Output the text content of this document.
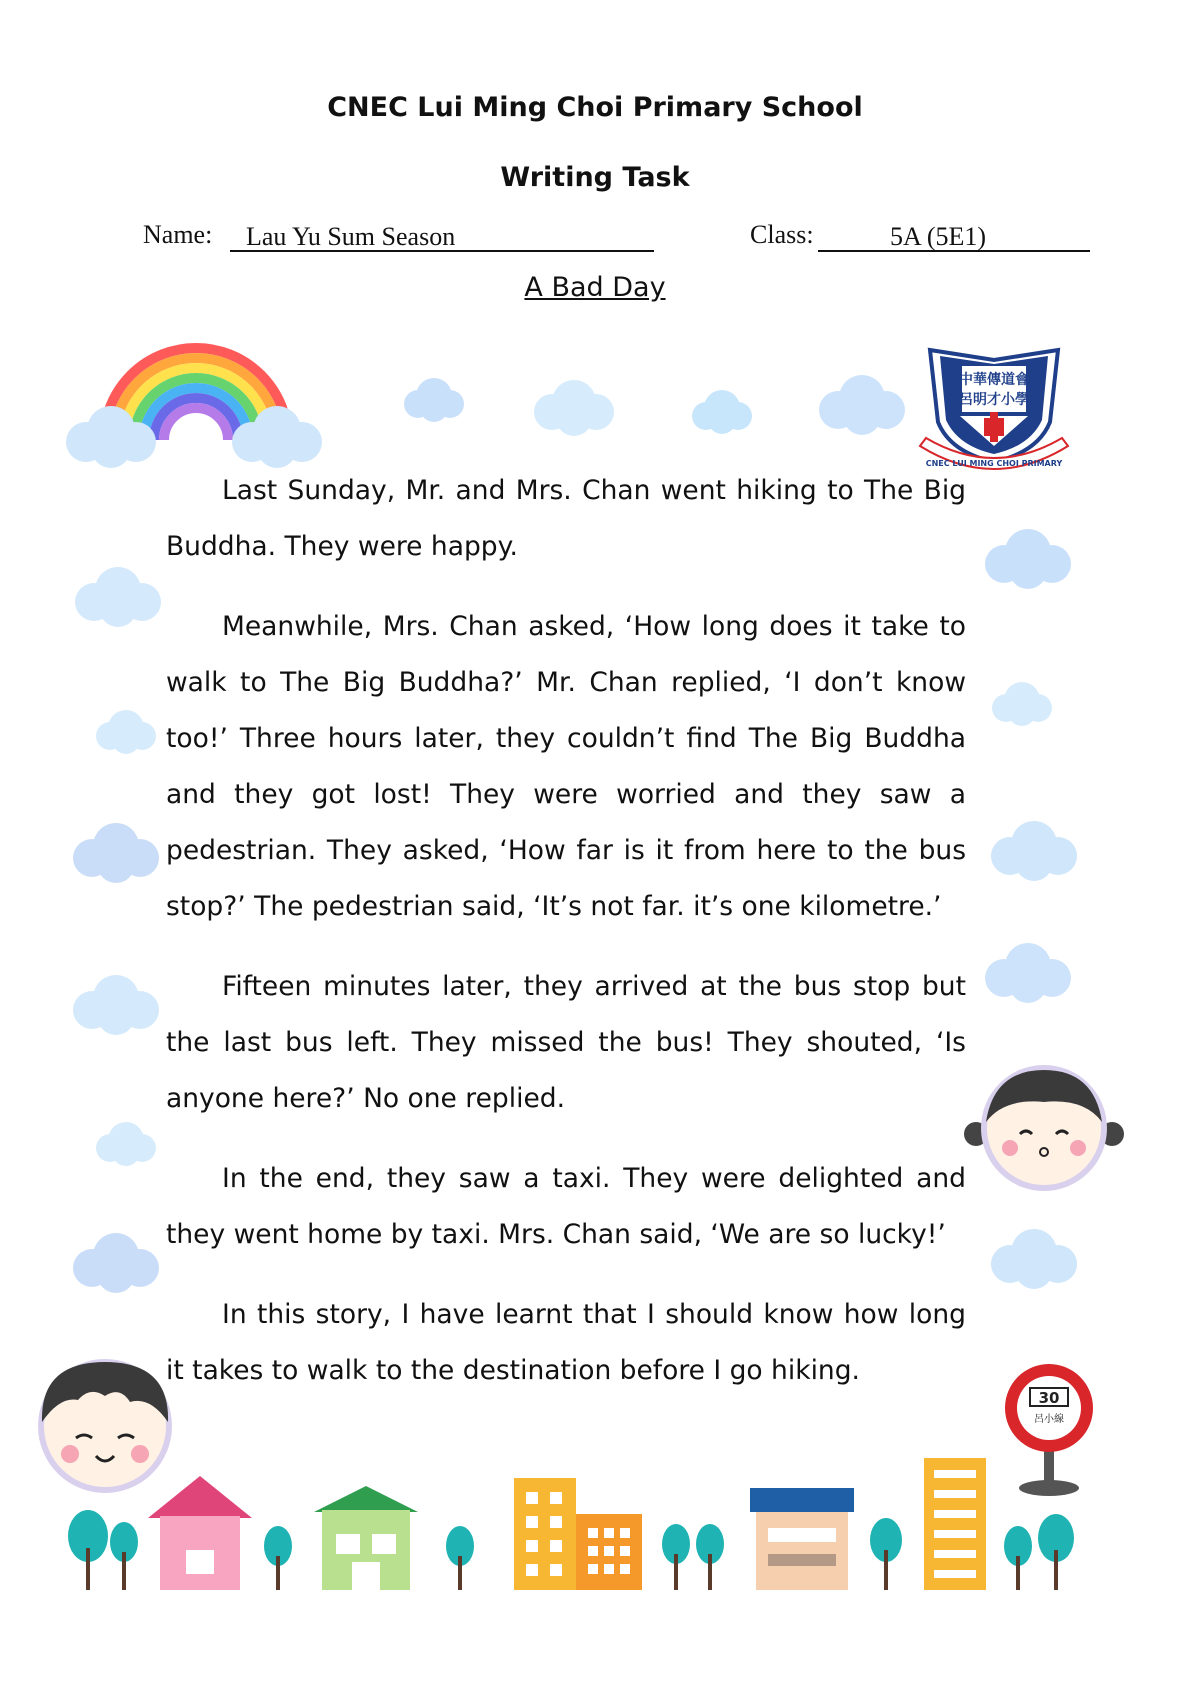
CNEC Lui Ming Choi Primary School
Writing Task
Name: Lau Yu Sum Season	Class:	5A (5E1)
A Bad Day
中華傳道會
呂明才小學
CNEC LUI MING CHOI PRIMARY

Last Sunday, Mr. and Mrs. Chan went hiking to The Big Buddha. They were happy.

Meanwhile, Mrs. Chan asked, ‘How long does it take to walk to The Big Buddha?’ Mr. Chan replied, ‘I don’t know too!’ Three hours later, they couldn’t find The Big Buddha and they got lost! They were worried and they saw a pedestrian. They asked, ‘How far is it from here to the bus stop?’ The pedestrian said, ‘It’s not far. it’s one kilometre.’

Fifteen minutes later, they arrived at the bus stop but the last bus left. They missed the bus! They shouted, ‘Is anyone here?’ No one replied.

In the end, they saw a taxi. They were delighted and they went home by taxi. Mrs. Chan said, ‘We are so lucky!’

In this story, I have learnt that I should know how long it takes to walk to the destination before I go hiking.

30
呂小線
